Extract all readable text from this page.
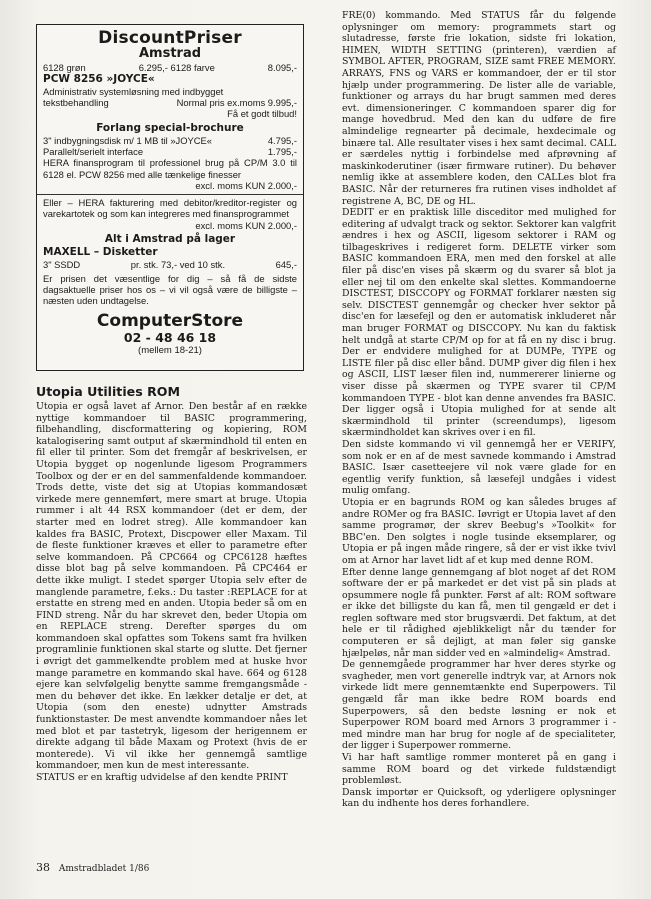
DiscountPriser
Amstrad
6128 grøn	6.295,- 6128 farve	8.095,-
PCW 8256 »JOYCE«
Administrativ systemløsning med indbygget
tekstbehandling	Normal pris ex.moms 9.995,-
Få et godt tilbud!
Forlang special-brochure
3" indbygningsdisk m/ 1 MB til »JOYCE«	4.795,-
Parallelt/serielt interface	1.795,-

HERA finansprogram til professionel brug på CP/M 3.0 til 6128 el. PCW 8256 med alle tænkelige finesser

excl. moms KUN 2.000,-

Eller – HERA fakturering med debitor/kreditor-register og varekartotek og som kan integreres med finansprogrammet

excl. moms KUN 2.000,-
Alt i Amstrad på lager
MAXELL – Disketter
3" SSDD	pr. stk. 73,- ved 10 stk.	645,-

Er prisen det væsentlige for dig – så få de sidste dagsaktuelle priser hos os – vi vil også være de billigste – næsten uden undtagelse.

ComputerStore
02 - 48 46 18
(mellem 18-21)
Utopia Utilities ROM

Utopia er også lavet af Arnor. Den består af en række nyttige kommandoer til BASIC programmering, filbehandling, discformattering og kopiering, ROM katalogisering samt output af skærmindhold til enten en fil eller til printer. Som det fremgår af beskrivelsen, er Utopia bygget op nogenlunde ligesom Programmers Toolbox og der er en del sammenfaldende kommandoer. Trods dette, viste det sig at Utopias kommandosæt virkede mere gennemført, mere smart at bruge. Utopia rummer i alt 44 RSX kommandoer (det er dem, der starter med en lodret streg). Alle kommandoer kan kaldes fra BASIC, Protext, Discpower eller Maxam. Til de fleste funktioner kræves et eller to parametre efter selve kommandoen. På CPC664 og CPC6128 hæftes disse blot bag på selve kommandoen. På CPC464 er dette ikke muligt. I stedet spørger Utopia selv efter de manglende parametre, f.eks.: Du taster :REPLACE for at erstatte en streng med en anden. Utopia beder så om en FIND streng. Når du har skrevet den, beder Utopia om en REPLACE streng. Derefter spørges du om kommandoen skal opfattes som Tokens samt fra hvilken programlinie funktionen skal starte og slutte. Det fjerner i øvrigt det gammelkendte problem med at huske hvor mange parametre en kommando skal have. 664 og 6128 ejere kan selvfølgelig benytte samme fremgangsmåde - men du behøver det ikke. En lækker detalje er det, at Utopia (som den eneste) udnytter Amstrads funktionstaster. De mest anvendte kommandoer nåes let med blot et par tastetryk, ligesom der herigennem er direkte adgang til både Maxam og Protext (hvis de er monterede). Vi vil ikke her gennemgå samtlige kommandoer, men kun de mest interessante.

STATUS er en kraftig udvidelse af den kendte PRINT

FRE(0) kommando. Med STATUS får du følgende oplysninger om memory: programmets start og slutadresse, første frie lokation, sidste fri lokation, HIMEN, WIDTH SETTING (printeren), værdien af SYMBOL AFTER, PROGRAM, SIZE samt FREE MEMORY.

ARRAYS, FNS og VARS er kommandoer, der er til stor hjælp under programmering. De lister alle de variable, funktioner og arrays du har brugt sammen med deres evt. dimensioneringer. C kommandoen sparer dig for mange hovedbrud. Med den kan du udføre de fire almindelige regnearter på decimale, hexdecimale og binære tal. Alle resultater vises i hex samt decimal. CALL er særdeles nyttig i forbindelse med afprøvning af maskinkoderutiner (især firmware rutiner). Du behøver nemlig ikke at assemblere koden, den CALLes blot fra BASIC. Når der returneres fra rutinen vises indholdet af registrene A, BC, DE og HL.

DEDIT er en praktisk lille disceditor med mulighed for editering af udvalgt track og sektor. Sektorer kan valgfrit ændres i hex og ASCII, ligesom sektorer i RAM og tilbageskrives i redigeret form. DELETE virker som BASIC kommandoen ERA, men med den forskel at alle filer på disc'en vises på skærm og du svarer så blot ja eller nej til om den enkelte skal slettes. Kommandoerne DISCTEST, DISCCOPY og FORMAT forklarer næsten sig selv. DISCTEST gennemgår og checker hver sektor på disc'en for læsefejl og den er automatisk inkluderet når man bruger FORMAT og DISCCOPY. Nu kan du faktisk helt undgå at starte CP/M op for at få en ny disc i brug. Der er endvidere mulighed for at DUMPe, TYPE og LISTE filer på disc eller bånd. DUMP giver dig filen i hex og ASCII, LIST læser filen ind, nummererer linierne og viser disse på skærmen og TYPE svarer til CP/M kommandoen TYPE - blot kan denne anvendes fra BASIC. Der ligger også i Utopia mulighed for at sende alt skærmindhold til printer (screendumps), ligesom skærmindholdet kan skrives over i en fil.

Den sidste kommando vi vil gennemgå her er VERIFY, som nok er en af de mest savnede kommando i Amstrad BASIC. Især casetteejere vil nok være glade for en egentlig verify funktion, så læsefejl undgåes i videst mulig omfang.

Utopia er en bagrunds ROM og kan således bruges af andre ROMer og fra BASIC. Iøvrigt er Utopia lavet af den samme programør, der skrev Beebug's »Toolkit« for BBC'en. Den solgtes i nogle tusinde eksemplarer, og Utopia er på ingen måde ringere, så der er vist ikke tvivl om at Arnor har lavet lidt af et kup med denne ROM.

Efter denne lange gennemgang af blot noget af det ROM software der er på markedet er det vist på sin plads at opsummere nogle få punkter. Først af alt: ROM software er ikke det billigste du kan få, men til gengæld er det i reglen software med stor brugsværdi. Det faktum, at det hele er til rådighed øjeblikkeligt når du tænder for computeren er så dejligt, at man føler sig ganske hjælpeløs, når man sidder ved en »almindelig« Amstrad.

De gennemgåede programmer har hver deres styrke og svagheder, men vort generelle indtryk var, at Arnors nok virkede lidt mere gennemtænkte end Superpowers. Til gengæld får man ikke bedre ROM boards end Superpowers, så den bedste løsning er nok et Superpower ROM board med Arnors 3 programmer i - med mindre man har brug for nogle af de specialiteter, der ligger i Superpower rommerne.

Vi har haft samtlige rommer monteret på en gang i samme ROM board og det virkede fuldstændigt problemløst.

Dansk importør er Quicksoft, og yderligere oplysninger kan du indhente hos deres forhandlere.

38 Amstradbladet 1/86
